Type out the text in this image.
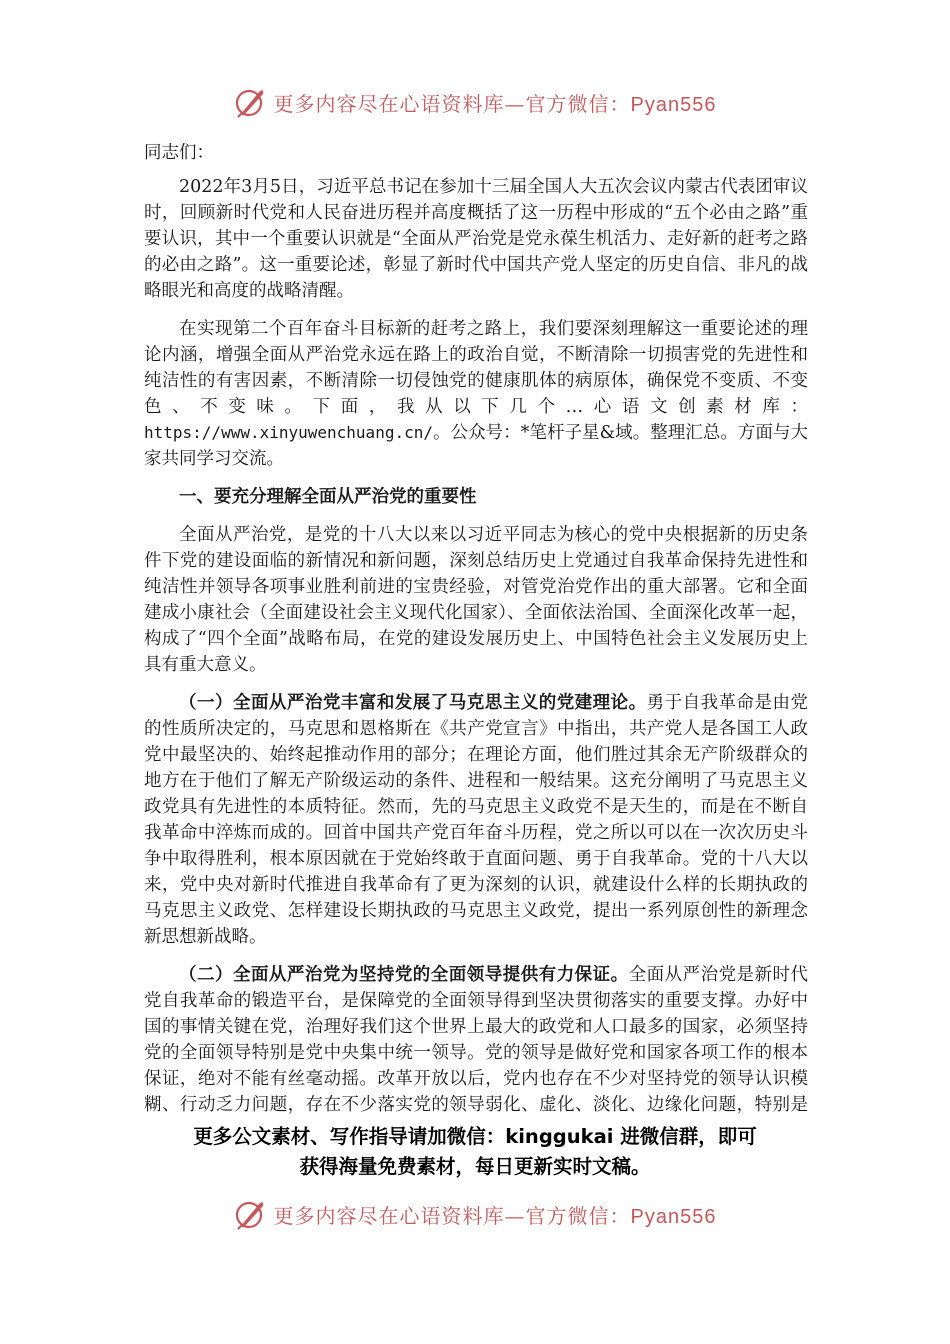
更多内容尽在心语资料库—官方微信：Pyan556

同志们：

2022年3月5日，习近平总书记在参加十三届全国人大五次会议内蒙古代表团审议时，回顾新时代党和人民奋进历程并高度概括了这一历程中形成的“五个必由之路”重要认识，其中一个重要认识就是“全面从严治党是党永葆生机活力、走好新的赶考之路的必由之路”。这一重要论述，彰显了新时代中国共产党人坚定的历史自信、非凡的战略眼光和高度的战略清醒。

在实现第二个百年奋斗目标新的赶考之路上，我们要深刻理解这一重要论述的理论内涵，增强全面从严治党永远在路上的政治自觉，不断清除一切损害党的先进性和纯洁性的有害因素，不断清除一切侵蚀党的健康肌体的病原体，确保党不变质、不变色、不变味。下面，我从以下几个…心语文创素材库：https://www.xinyuwenchuang.cn/。公众号：*笔杆子星&域。整理汇总。方面与大家共同学习交流。

一、要充分理解全面从严治党的重要性

全面从严治党，是党的十八大以来以习近平同志为核心的党中央根据新的历史条件下党的建设面临的新情况和新问题，深刻总结历史上党通过自我革命保持先进性和纯洁性并领导各项事业胜利前进的宝贵经验，对管党治党作出的重大部署。它和全面建成小康社会（全面建设社会主义现代化国家）、全面依法治国、全面深化改革一起，构成了“四个全面”战略布局，在党的建设发展历史上、中国特色社会主义发展历史上具有重大意义。

（一）全面从严治党丰富和发展了马克思主义的党建理论。勇于自我革命是由党的性质所决定的，马克思和恩格斯在《共产党宣言》中指出，共产党人是各国工人政党中最坚决的、始终起推动作用的部分；在理论方面，他们胜过其余无产阶级群众的地方在于他们了解无产阶级运动的条件、进程和一般结果。这充分阐明了马克思主义政党具有先进性的本质特征。然而，先的马克思主义政党不是天生的，而是在不断自我革命中淬炼而成的。回首中国共产党百年奋斗历程，党之所以可以在一次次历史斗争中取得胜利，根本原因就在于党始终敢于直面问题、勇于自我革命。党的十八大以来，党中央对新时代推进自我革命有了更为深刻的认识，就建设什么样的长期执政的马克思主义政党、怎样建设长期执政的马克思主义政党，提出一系列原创性的新理念新思想新战略。

（二）全面从严治党为坚持党的全面领导提供有力保证。全面从严治党是新时代党自我革命的锻造平台，是保障党的全面领导得到坚决贯彻落实的重要支撑。办好中国的事情关键在党，治理好我们这个世界上最大的政党和人口最多的国家，必须坚持党的全面领导特别是党中央集中统一领导。党的领导是做好党和国家各项工作的根本保证，绝对不能有丝毫动摇。改革开放以后，党内也存在不少对坚持党的领导认识模糊、行动乏力问题，存在不少落实党的领导弱化、虚化、淡化、边缘化问题，特别是

更多公文素材、写作指导请加微信：kinggukai 进微信群，即可
获得海量免费素材，每日更新实时文稿。
更多内容尽在心语资料库—官方微信：Pyan556
